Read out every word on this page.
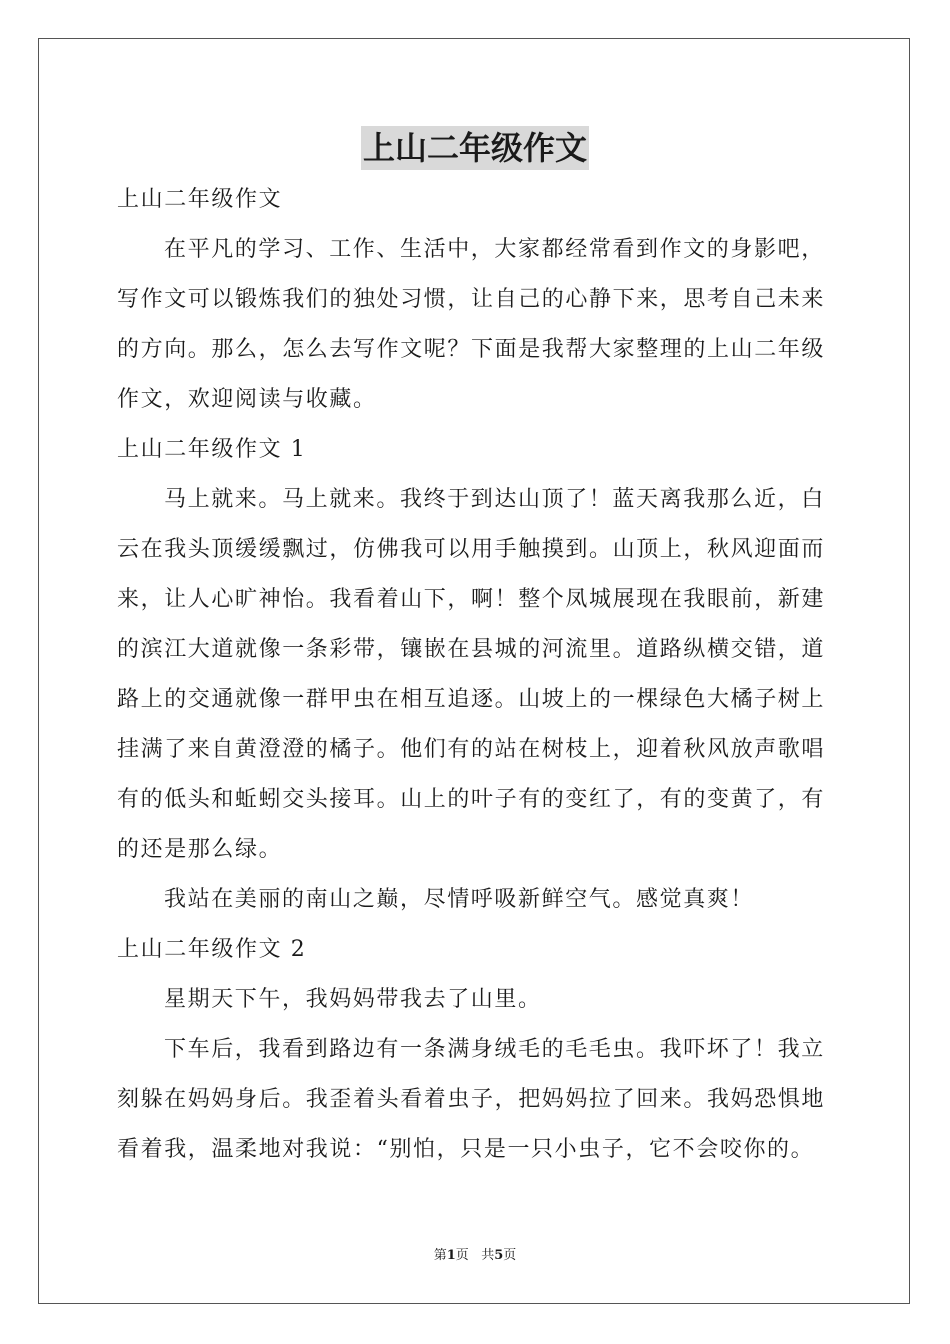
上山二年级作文
上山二年级作文
在平凡的学习、工作、生活中，大家都经常看到作文的身影吧，
写作文可以锻炼我们的独处习惯，让自己的心静下来，思考自己未来
的方向。那么，怎么去写作文呢？下面是我帮大家整理的上山二年级
作文，欢迎阅读与收藏。
上山二年级作文 1
马上就来。马上就来。我终于到达山顶了！蓝天离我那么近，白
云在我头顶缓缓飘过，仿佛我可以用手触摸到。山顶上，秋风迎面而
来，让人心旷神怡。我看着山下，啊！整个凤城展现在我眼前，新建
的滨江大道就像一条彩带，镶嵌在县城的河流里。道路纵横交错，道
路上的交通就像一群甲虫在相互追逐。山坡上的一棵绿色大橘子树上
挂满了来自黄澄澄的橘子。他们有的站在树枝上，迎着秋风放声歌唱
有的低头和蚯蚓交头接耳。山上的叶子有的变红了，有的变黄了，有
的还是那么绿。
我站在美丽的南山之巅，尽情呼吸新鲜空气。感觉真爽！
上山二年级作文 2
星期天下午，我妈妈带我去了山里。
下车后，我看到路边有一条满身绒毛的毛毛虫。我吓坏了！我立
刻躲在妈妈身后。我歪着头看着虫子，把妈妈拉了回来。我妈恐惧地
看着我，温柔地对我说：“别怕，只是一只小虫子，它不会咬你的。
第1页 共5页
